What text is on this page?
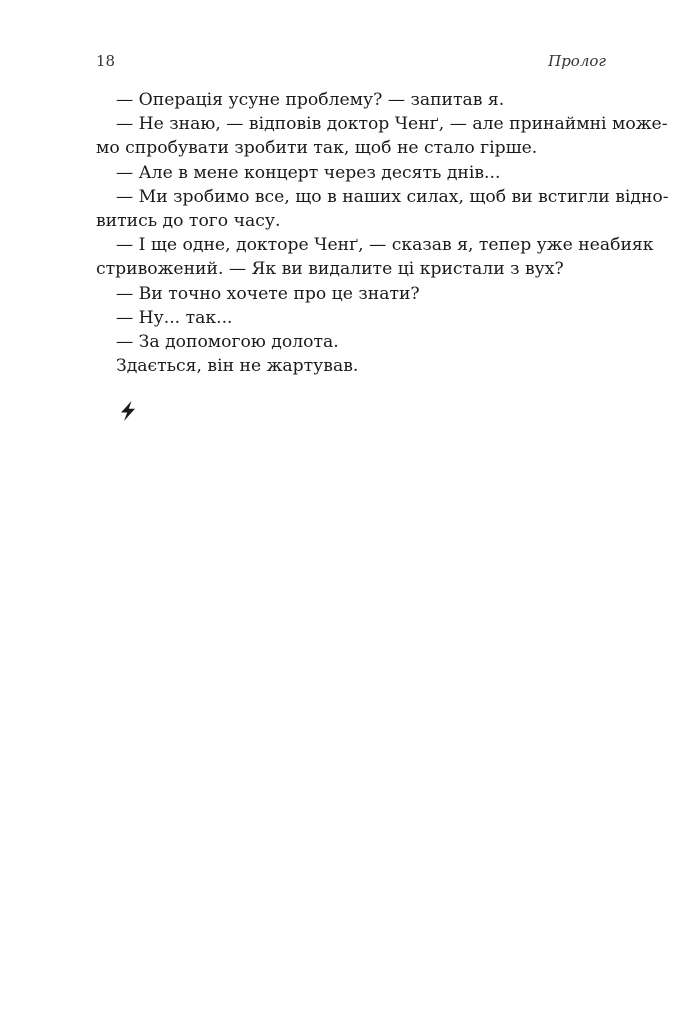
18	Пролог

— Операція усуне проблему? — запитав я.

— Не знаю, — відповів доктор Ченґ, — але принаймні може-
мо спробувати зробити так, щоб не стало гірше.

— Але в мене концерт через десять днів...

— Ми зробимо все, що в наших силах, щоб ви встигли відно-
витись до того часу.

— І ще одне, докторе Ченґ, — сказав я, тепер уже неабияк
стривожений. — Як ви видалите ці кристали з вух?

— Ви точно хочете про це знати?

— Ну... так...

— За допомогою долота.

Здається, він не жартував.
